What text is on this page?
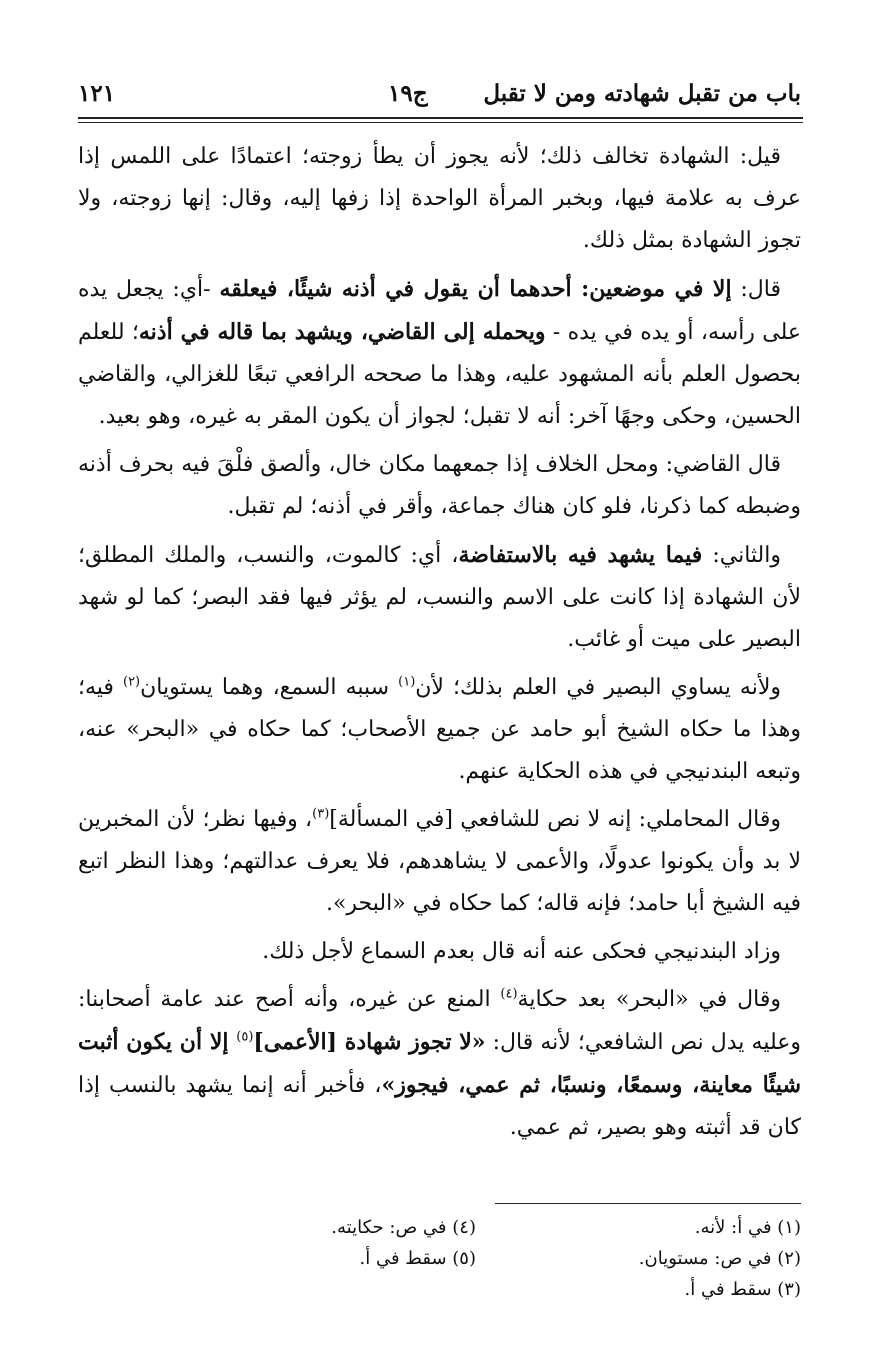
باب من تقبل شهادته ومن لا تقبل
ج١٩
١٢١

قيل: الشهادة تخالف ذلك؛ لأنه يجوز أن يطأ زوجته؛ اعتمادًا على اللمس إذا عرف به علامة فيها، وبخبر المرأة الواحدة إذا زفها إليه، وقال: إنها زوجته، ولا تجوز الشهادة بمثل ذلك.

قال: إلا في موضعين: أحدهما أن يقول في أذنه شيئًا، فيعلقه -أي: يجعل يده على رأسه، أو يده في يده - ويحمله إلى القاضي، ويشهد بما قاله في أذنه؛ للعلم بحصول العلم بأنه المشهود عليه، وهذا ما صححه الرافعي تبعًا للغزالي، والقاضي الحسين، وحكى وجهًا آخر: أنه لا تقبل؛ لجواز أن يكون المقر به غيره، وهو بعيد.

قال القاضي: ومحل الخلاف إذا جمعهما مكان خال، وألصق فلْقَ فيه بحرف أذنه وضبطه كما ذكرنا، فلو كان هناك جماعة، وأقر في أذنه؛ لم تقبل.

والثاني: فيما يشهد فيه بالاستفاضة، أي: كالموت، والنسب، والملك المطلق؛ لأن الشهادة إذا كانت على الاسم والنسب، لم يؤثر فيها فقد البصر؛ كما لو شهد البصير على ميت أو غائب.

ولأنه يساوي البصير في العلم بذلك؛ لأن$^{(١)}$ سببه السمع، وهما يستويان$^{(٢)}$ فيه؛ وهذا ما حكاه الشيخ أبو حامد عن جميع الأصحاب؛ كما حكاه في «البحر» عنه، وتبعه البندنيجي في هذه الحكاية عنهم.

وقال المحاملي: إنه لا نص للشافعي [في المسألة]$^{(٣)}$، وفيها نظر؛ لأن المخبرين لا بد وأن يكونوا عدولًا، والأعمى لا يشاهدهم، فلا يعرف عدالتهم؛ وهذا النظر اتبع فيه الشيخ أبا حامد؛ فإنه قاله؛ كما حكاه في «البحر».

وزاد البندنيجي فحكى عنه أنه قال بعدم السماع لأجل ذلك.

وقال في «البحر» بعد حكاية$^{(٤)}$ المنع عن غيره، وأنه أصح عند عامة أصحابنا: وعليه يدل نص الشافعي؛ لأنه قال: «لا تجوز شهادة [الأعمى]$^{(٥)}$ إلا أن يكون أثبت شيئًا معاينة، وسمعًا، ونسبًا، ثم عمي، فيجوز»، فأخبر أنه إنما يشهد بالنسب إذا كان قد أثبته وهو بصير، ثم عمي.

(١) في أ: لأنه.
(٢) في ص: مستويان.
(٣) سقط في أ.
(٤) في ص: حكايته.
(٥) سقط في أ.
